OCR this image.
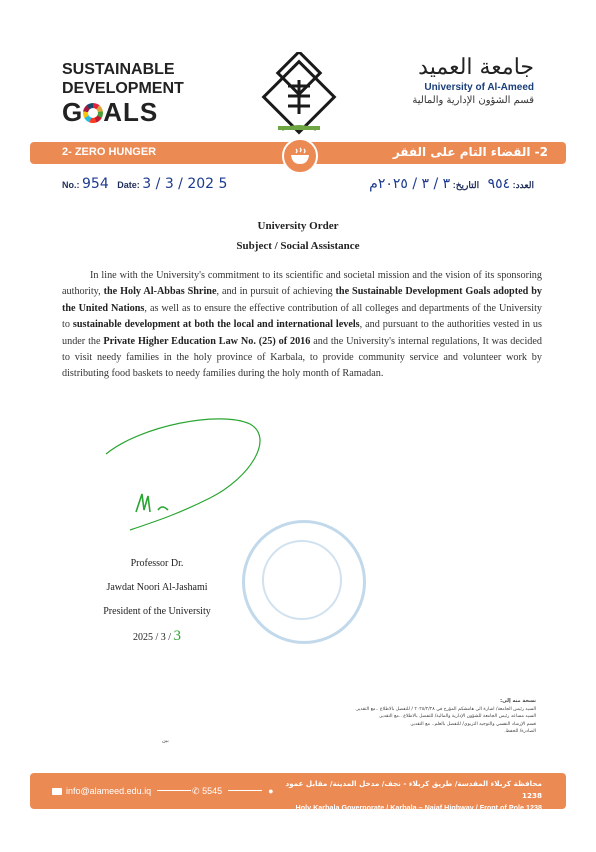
SUSTAINABLE
DEVELOPMENT
G ALS
جامعة العميد
University of Al-Ameed
قسم الشؤون الإدارية والمالية
2- ZERO HUNGER	2- القضاء التام على الفقر
No.: 954 Date: 3 / 3 / 202 5	العدد: ٩٥٤ التاريخ: ٣ / ٣ / ٢٠٢٥م
University Order
Subject / Social Assistance
In line with the University's commitment to its scientific and societal mission and the vision of its sponsoring authority, the Holy Al-Abbas Shrine, and in pursuit of achieving the Sustainable Development Goals adopted by the United Nations, as well as to ensure the effective contribution of all colleges and departments of the University to sustainable development at both the local and international levels, and pursuant to the authorities vested in us under the Private Higher Education Law No. (25) of 2016 and the University's internal regulations, It was decided to visit needy families in the holy province of Karbala, to provide community service and volunteer work by distributing food baskets to needy families during the holy month of Ramadan.
Professor Dr.
Jawdat Noori Al-Jashami
President of the University
2025 / 3 / 3
نسخة منه إلى:
السيد رئيس الجامعة/ اشارة الى هامشكم المؤرخ في ٢٠٢٥/٢/٢٨ / للتفضل بالاطلاع ..مع التقدير.
السيد مساعد رئيس الجامعة للشؤون الإدارية والمالية/ للتفضل بالاطلاع ..مع التقدير.
قسم الإرشاد النفسي والتوجيه التربوي/ للتفضل بالعلم.. مع التقدير.
الصادرة/ للحفظ.
بين
info@alameed.edu.iq	✆ 5545	●
محافظة كربلاء المقدسة/ طريق كربلاء - نجف/ مدخل المدينة/ مقابل عمود 1238
Holy Karbala Governorate / Karbala – Najaf Highway / Front of Pole 1238
